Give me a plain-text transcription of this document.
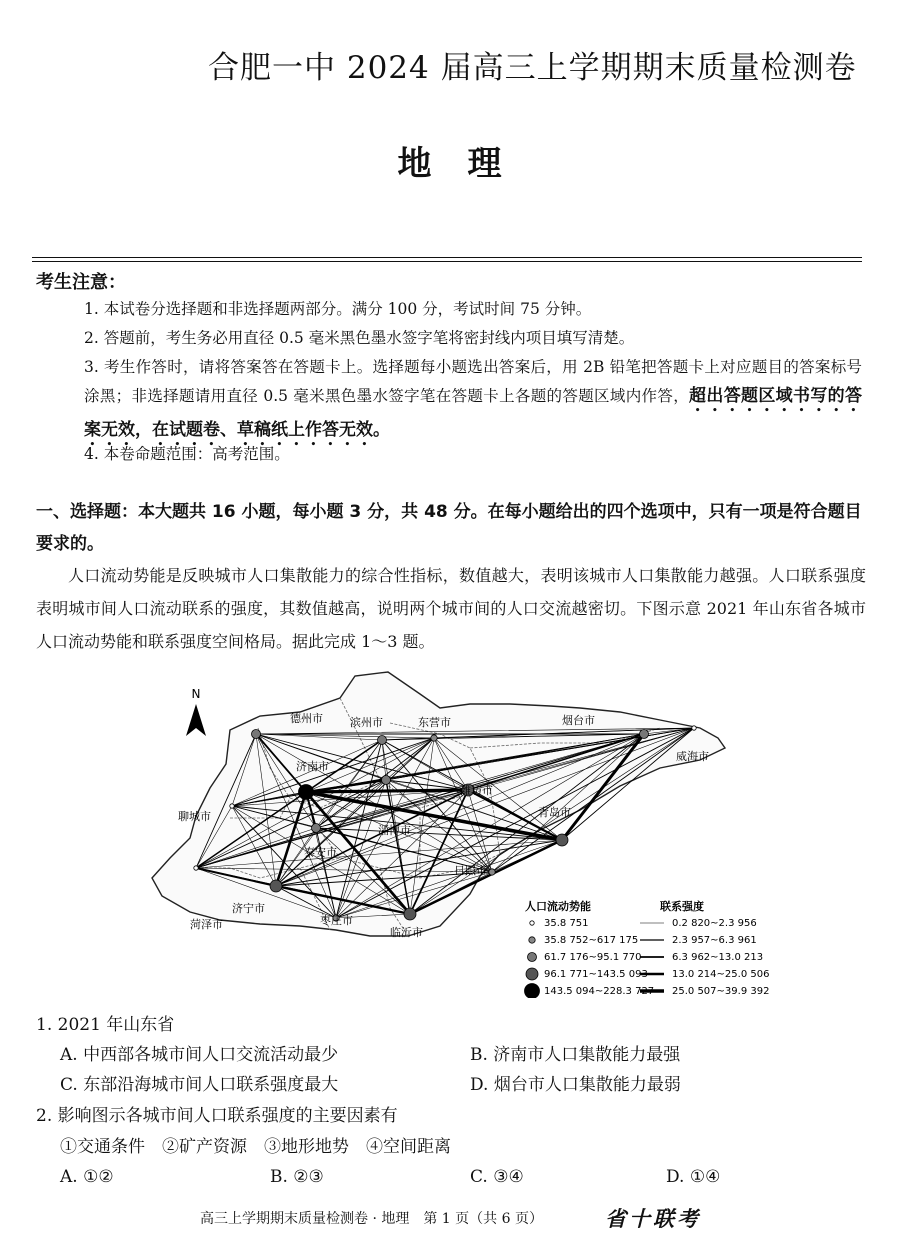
合肥一中 2024 届高三上学期期末质量检测卷
地　理
考生注意：
1. 本试卷分选择题和非选择题两部分。满分 100 分，考试时间 75 分钟。
2. 答题前，考生务必用直径 0.5 毫米黑色墨水签字笔将密封线内项目填写清楚。
3. 考生作答时，请将答案答在答题卡上。选择题每小题选出答案后，用 2B 铅笔把答题卡上对应题目的答案标号涂黑；非选择题请用直径 0.5 毫米黑色墨水签字笔在答题卡上各题的答题区域内作答，超出答题区域书写的答案无效，在试题卷、草稿纸上作答无效。
4. 本卷命题范围：高考范围。
一、选择题：本大题共 16 小题，每小题 3 分，共 48 分。在每小题给出的四个选项中，只有一项是符合题目要求的。
人口流动势能是反映城市人口集散能力的综合性指标，数值越大，表明该城市人口集散能力越强。人口联系强度表明城市间人口流动联系的强度，其数值越高，说明两个城市间的人口交流越密切。下图示意 2021 年山东省各城市人口流动势能和联系强度空间格局。据此完成 1～3 题。
德州市 滨州市	东营市	烟台市
威海市
济南市
潍坊市
聊城市	青岛市
淄博市
泰安市
日照市
菏泽市
济宁市
枣庄市
临沂市
N
人口流动势能
35.8 751
35.8 752~617 175
61.7 176~95.1 770
96.1 771~143.5 093
143.5 094~228.3 727
联系强度
0.2 820~2.3 956
2.3 957~6.3 961
6.3 962~13.0 213
13.0 214~25.0 506
25.0 507~39.9 392
1. 2021 年山东省
A. 中西部各城市间人口交流活动最少	B. 济南市人口集散能力最强
C. 东部沿海城市间人口联系强度最大	D. 烟台市人口集散能力最弱
2. 影响图示各城市间人口联系强度的主要因素有
①交通条件　②矿产资源　③地形地势　④空间距离
A. ①②	B. ②③	C. ③④	D. ①④
高三上学期期末质量检测卷 · 地理　第 1 页（共 6 页）	省十联考
